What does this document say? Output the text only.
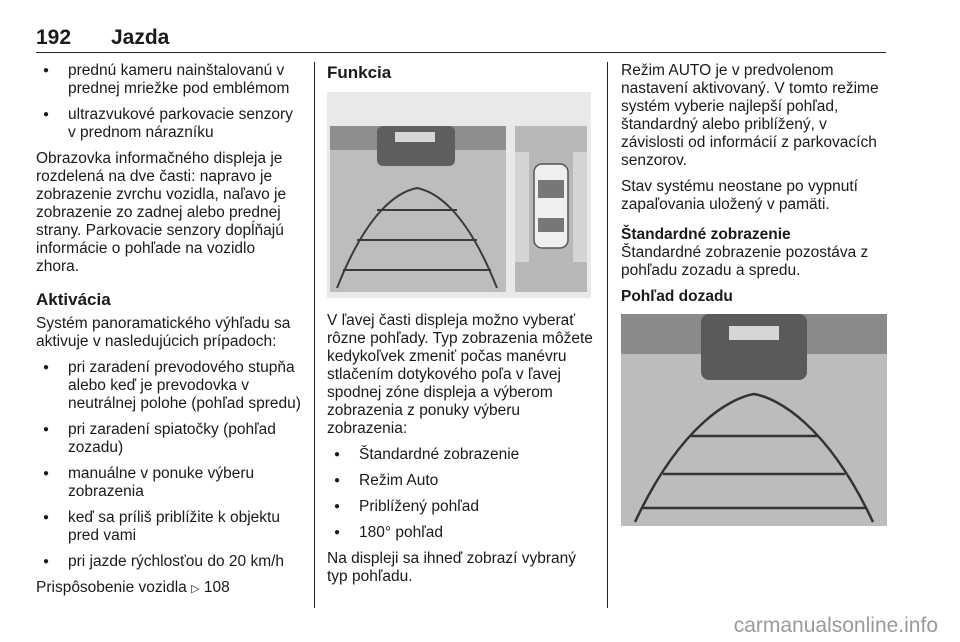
192 Jazda
● prednú kameru nainštalovanú v prednej mriežke pod emblémom
● ultrazvukové parkovacie senzory v prednom nárazníku
Obrazovka informačného displeja je rozdelená na dve časti: napravo je zobrazenie zvrchu vozidla, naľavo je zobrazenie zo zadnej alebo prednej strany. Parkovacie senzory dopĺňajú informácie o pohľade na vozidlo zhora.
Aktivácia
Systém panoramatického výhľadu sa aktivuje v nasledujúcich prípadoch:
● pri zaradení prevodového stupňa alebo keď je prevodovka v neutrálnej polohe (pohľad spredu)
● pri zaradení spiatočky (pohľad zozadu)
● manuálne v ponuke výberu zobrazenia
● keď sa príliš priblížite k objektu pred vami
● pri jazde rýchlosťou do 20 km/h
Prispôsobenie vozidla ▷ 108
Funkcia
V ľavej časti displeja možno vyberať rôzne pohľady. Typ zobrazenia môžete kedykoľvek zmeniť počas manévru stlačením dotykového poľa v ľavej spodnej zóne displeja a výberom zobrazenia z ponuky výberu zobrazenia:
● Štandardné zobrazenie
● Režim Auto
● Priblížený pohľad
● 180° pohľad
Na displeji sa ihneď zobrazí vybraný typ pohľadu.
Režim AUTO je v predvolenom nastavení aktivovaný. V tomto režime systém vyberie najlepší pohľad, štandardný alebo priblížený, v závislosti od informácií z parkovacích senzorov.
Stav systému neostane po vypnutí zapaľovania uložený v pamäti.
Štandardné zobrazenie
Štandardné zobrazenie pozostáva z pohľadu zozadu a spredu.
Pohľad dozadu
carmanualsonline.info
